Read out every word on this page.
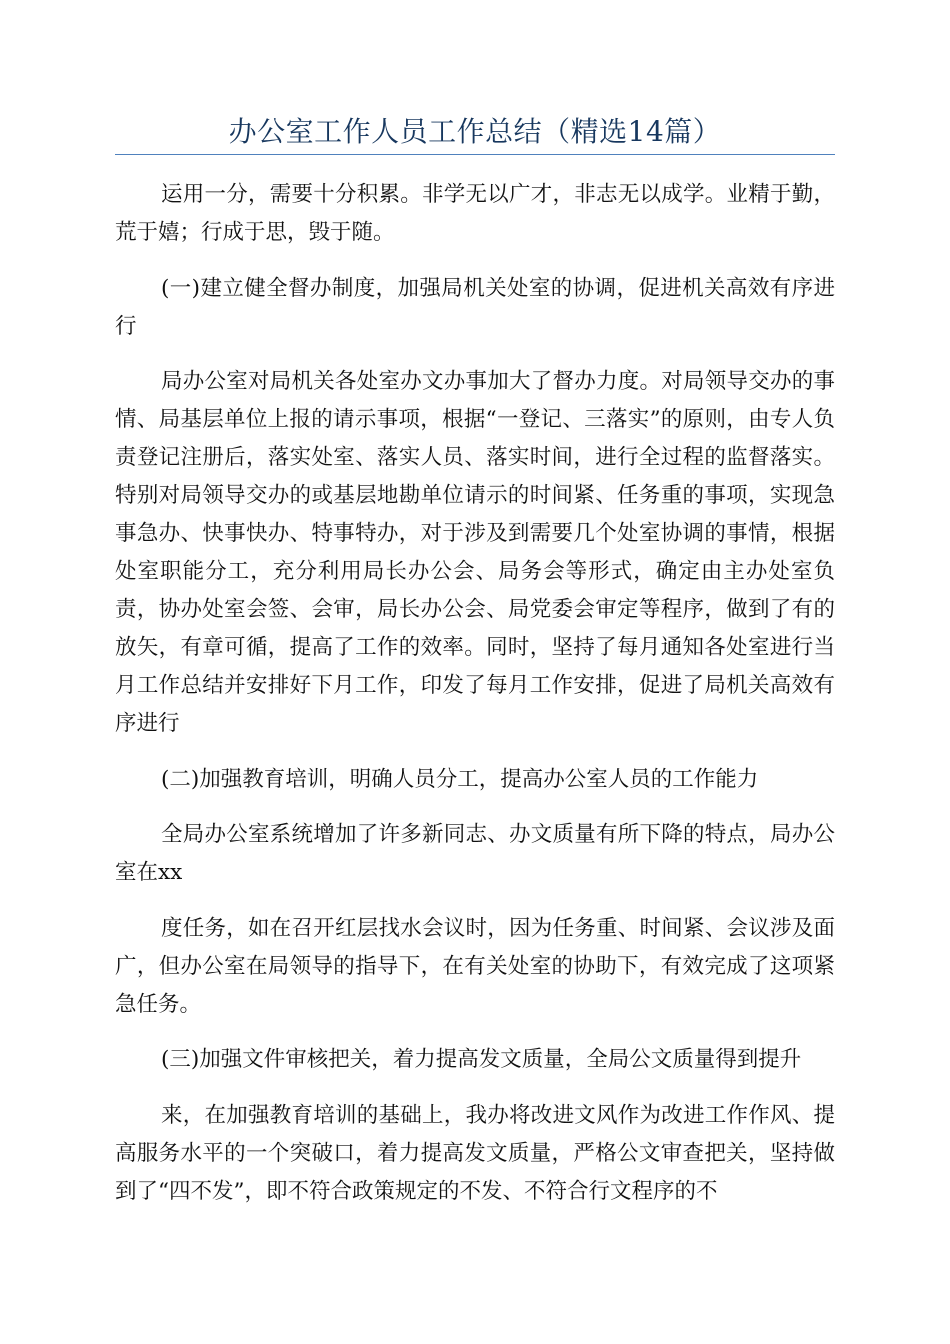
办公室工作人员工作总结（精选14篇）

运用一分，需要十分积累。非学无以广才，非志无以成学。业精于勤，荒于嬉；行成于思，毁于随。

(一)建立健全督办制度，加强局机关处室的协调，促进机关高效有序进行

局办公室对局机关各处室办文办事加大了督办力度。对局领导交办的事情、局基层单位上报的请示事项，根据“一登记、三落实”的原则，由专人负责登记注册后，落实处室、落实人员、落实时间，进行全过程的监督落实。特别对局领导交办的或基层地勘单位请示的时间紧、任务重的事项，实现急事急办、快事快办、特事特办，对于涉及到需要几个处室协调的事情，根据处室职能分工，充分利用局长办公会、局务会等形式，确定由主办处室负责，协办处室会签、会审，局长办公会、局党委会审定等程序，做到了有的放矢，有章可循，提高了工作的效率。同时，坚持了每月通知各处室进行当月工作总结并安排好下月工作，印发了每月工作安排，促进了局机关高效有序进行

(二)加强教育培训，明确人员分工，提高办公室人员的工作能力

全局办公室系统增加了许多新同志、办文质量有所下降的特点，局办公室在xx

度任务，如在召开红层找水会议时，因为任务重、时间紧、会议涉及面广，但办公室在局领导的指导下，在有关处室的协助下，有效完成了这项紧急任务。

(三)加强文件审核把关，着力提高发文质量，全局公文质量得到提升

来，在加强教育培训的基础上，我办将改进文风作为改进工作作风、提高服务水平的一个突破口，着力提高发文质量，严格公文审查把关，坚持做到了“四不发”，即不符合政策规定的不发、不符合行文程序的不
